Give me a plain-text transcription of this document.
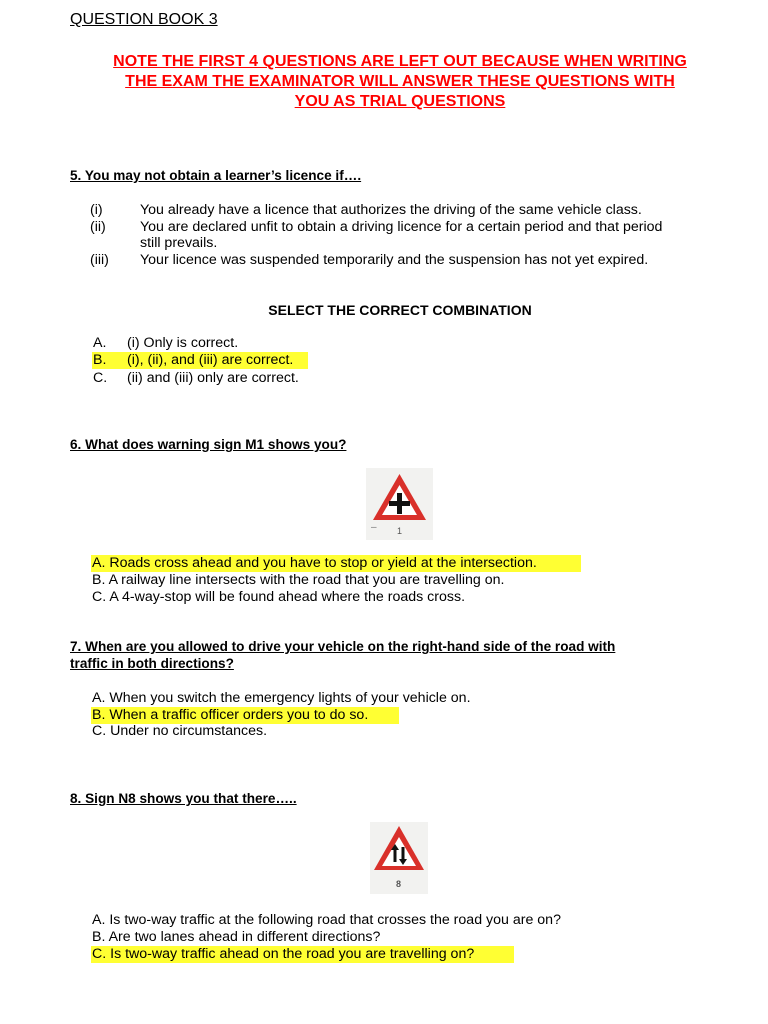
QUESTION BOOK 3
NOTE THE FIRST 4 QUESTIONS ARE LEFT OUT BECAUSE WHEN WRITING
THE EXAM THE EXAMINATOR WILL ANSWER THESE QUESTIONS WITH
YOU AS TRIAL QUESTIONS
5. You may not obtain a learner’s licence if….
(i)	You already have a licence that authorizes the driving of the same vehicle class.
(ii) You are declared unfit to obtain a driving licence for a certain period and that period
still prevails.
(iii) Your licence was suspended temporarily and the suspension has not yet expired.
SELECT THE CORRECT COMBINATION
A. (i) Only is correct.
B. (i), (ii), and (iii) are correct.
C. (ii) and (iii) only are correct.
6. What does warning sign M1 shows you?
– 1
A. Roads cross ahead and you have to stop or yield at the intersection.
B. A railway line intersects with the road that you are travelling on.
C. A 4-way-stop will be found ahead where the roads cross.
7. When are you allowed to drive your vehicle on the right-hand side of the road with
traffic in both directions?
A. When you switch the emergency lights of your vehicle on.
B. When a traffic officer orders you to do so.
C. Under no circumstances.
8. Sign N8 shows you that there…..
8
A. Is two-way traffic at the following road that crosses the road you are on?
B. Are two lanes ahead in different directions?
C. Is two-way traffic ahead on the road you are travelling on?
